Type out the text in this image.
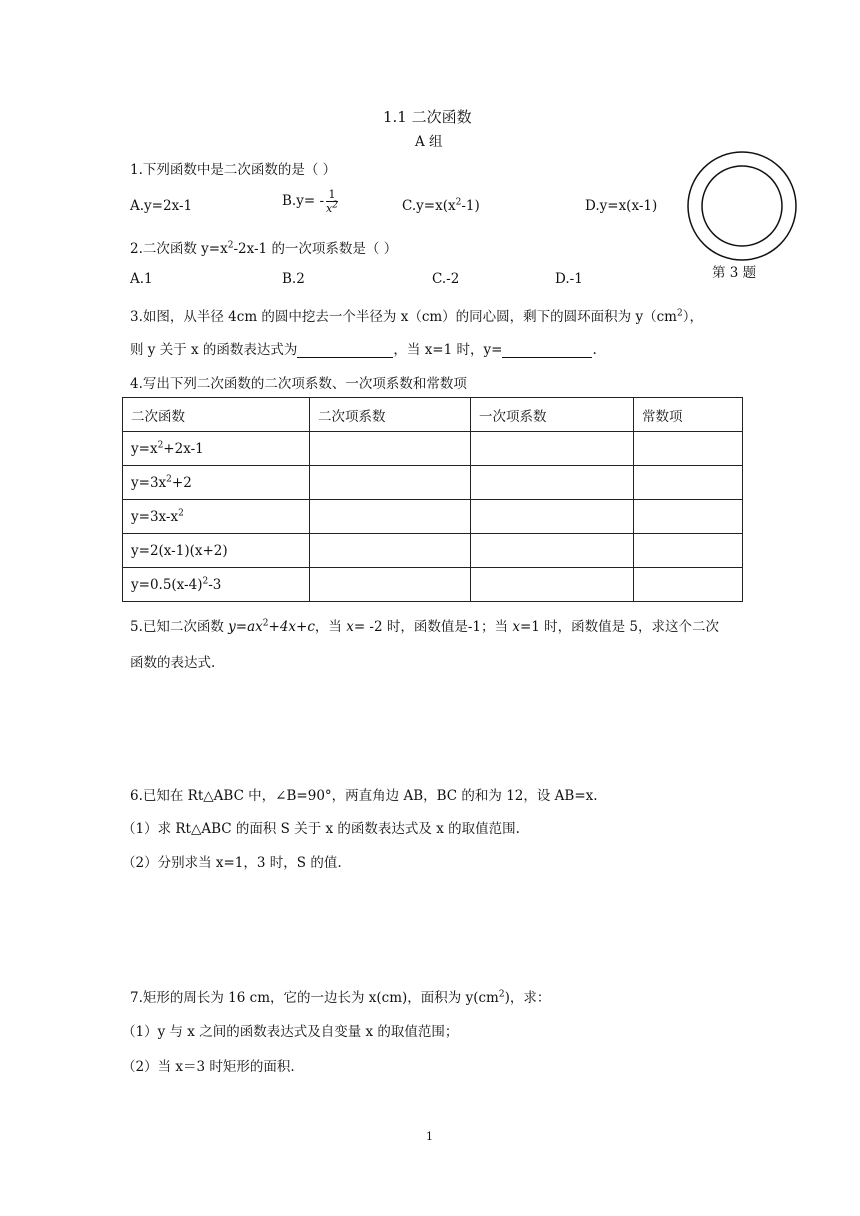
1.1 二次函数
A 组
1.下列函数中是二次函数的是（ ）
A.y=2x-1	$B.y= - \frac{1}{x^2}$	$C.y=x(x^2-1)$	D.y=x(x-1)
第 3 题
2.二次函数 $y=x^2-2x-1$ 的一次项系数是（ ）
A.1	B.2	C.-2	D.-1
3.如图，从半径 4cm 的圆中挖去一个半径为 x（cm）的同心圆，剩下的圆环面积为 $y(cm^2)$，
则 y 关于 x 的函数表达式为	，当 x=1 时，y=	.
4.写出下列二次函数的二次项系数、一次项系数和常数项
二次函数	二次项系数	一次项系数	常数项
$y=x^2+2x-1$			
$y=3x^2+2$			
$y=3x-x^2$			
y=2(x-1)(x+2)			
$y=0.5(x-4)^2-3$			
5.已知二次函数 $y=ax^2+4x+c$，当 x= -2 时，函数值是-1；当 x=1 时，函数值是 5，求这个二次
函数的表达式.
6.已知在 Rt△ABC 中，∠B=90°，两直角边 AB，BC 的和为 12，设 AB=x.
（1）求 Rt△ABC 的面积 S 关于 x 的函数表达式及 x 的取值范围.
（2）分别求当 x=1，3 时，S 的值.
7.矩形的周长为 16 cm，它的一边长为 x(cm)，面积为 $y(cm^2)$，求：
（1）y 与 x 之间的函数表达式及自变量 x 的取值范围；
（2）当 x＝3 时矩形的面积.
1
